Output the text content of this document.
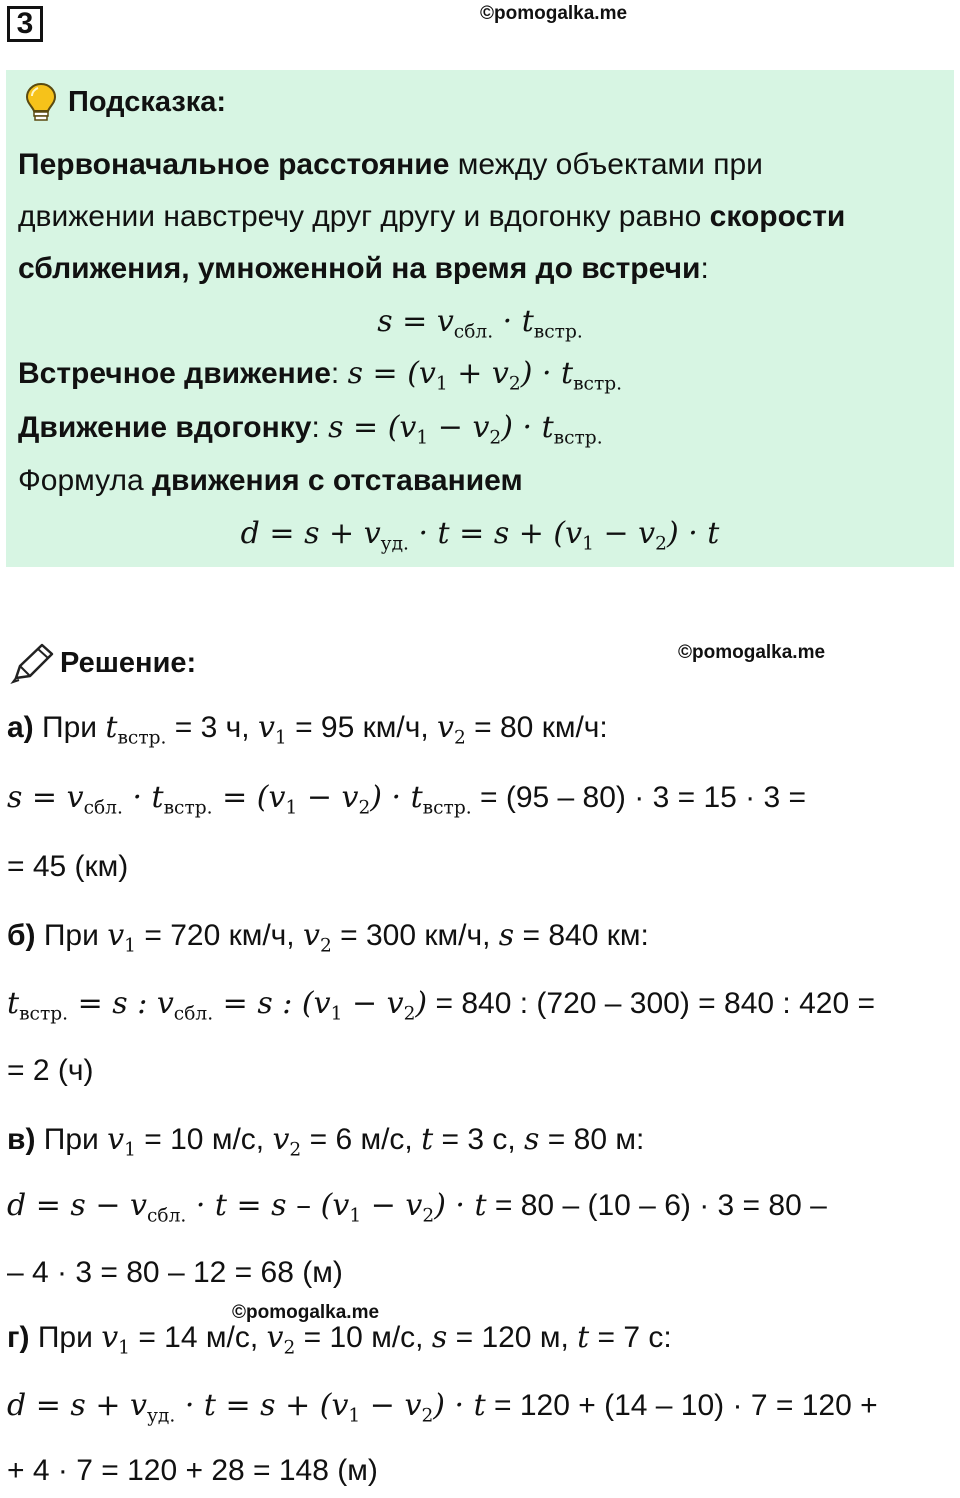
3	©pomogalka.me
Подсказка:
Первоначальное расстояние между объектами при
движении навстречу друг другу и вдогонку равно скорости
сближения, умноженной на время до встречи:
$s = v_{сбл.} \cdot t_{встр.}$
Встречное движение: $s = (v_1 + v_2) \cdot t_{встр.}$
Движение вдогонку: $s = (v_1 - v_2) \cdot t_{встр.}$
Формула движения с отставанием
$d = s + v_{уд.} \cdot t = s + (v_1 - v_2) \cdot t$
Решение:	©pomogalka.me
а) При $t_{встр.} = 3$ ч, $v_1 = 95$ км/ч, $v_2 = 80$ км/ч:
$s = v_{сбл.} \cdot t_{встр.} = (v_1 - v_2) \cdot t_{встр.} = (95 - 80) \cdot 3 = 15 \cdot 3$ =
= 45 (км)
б) При $v_1 = 720$ км/ч, $v_2 = 300$ км/ч, s = 840 км:
$t_{встр.} = s$ : $v_{сбл.} = s$ : $(v_1 - v_2) = 840$ : (720 – 300) = 840 : 420 =
= 2 (ч)
в) При $v_1 = 10$ м/с, $v_2 = 6$ м/с, t = 3 с, s = 80 м:
$d = s - v_{сбл.} \cdot t = s - (v_1 - v_2) \cdot t = 80 - (10 - 6) \cdot 3 = 80$ –
– 4 · 3 = 80 – 12 = 68 (м)
©pomogalka.me
г) При $v_1 = 14$ м/с, $v_2 = 10$ м/с, s = 120 м, t = 7 с:
$d = s + v_{уд.} \cdot t = s + (v_1 - v_2) \cdot t = 120 + (14 - 10) \cdot 7 = 120$ +
+ 4 · 7 = 120 + 28 = 148 (м)
